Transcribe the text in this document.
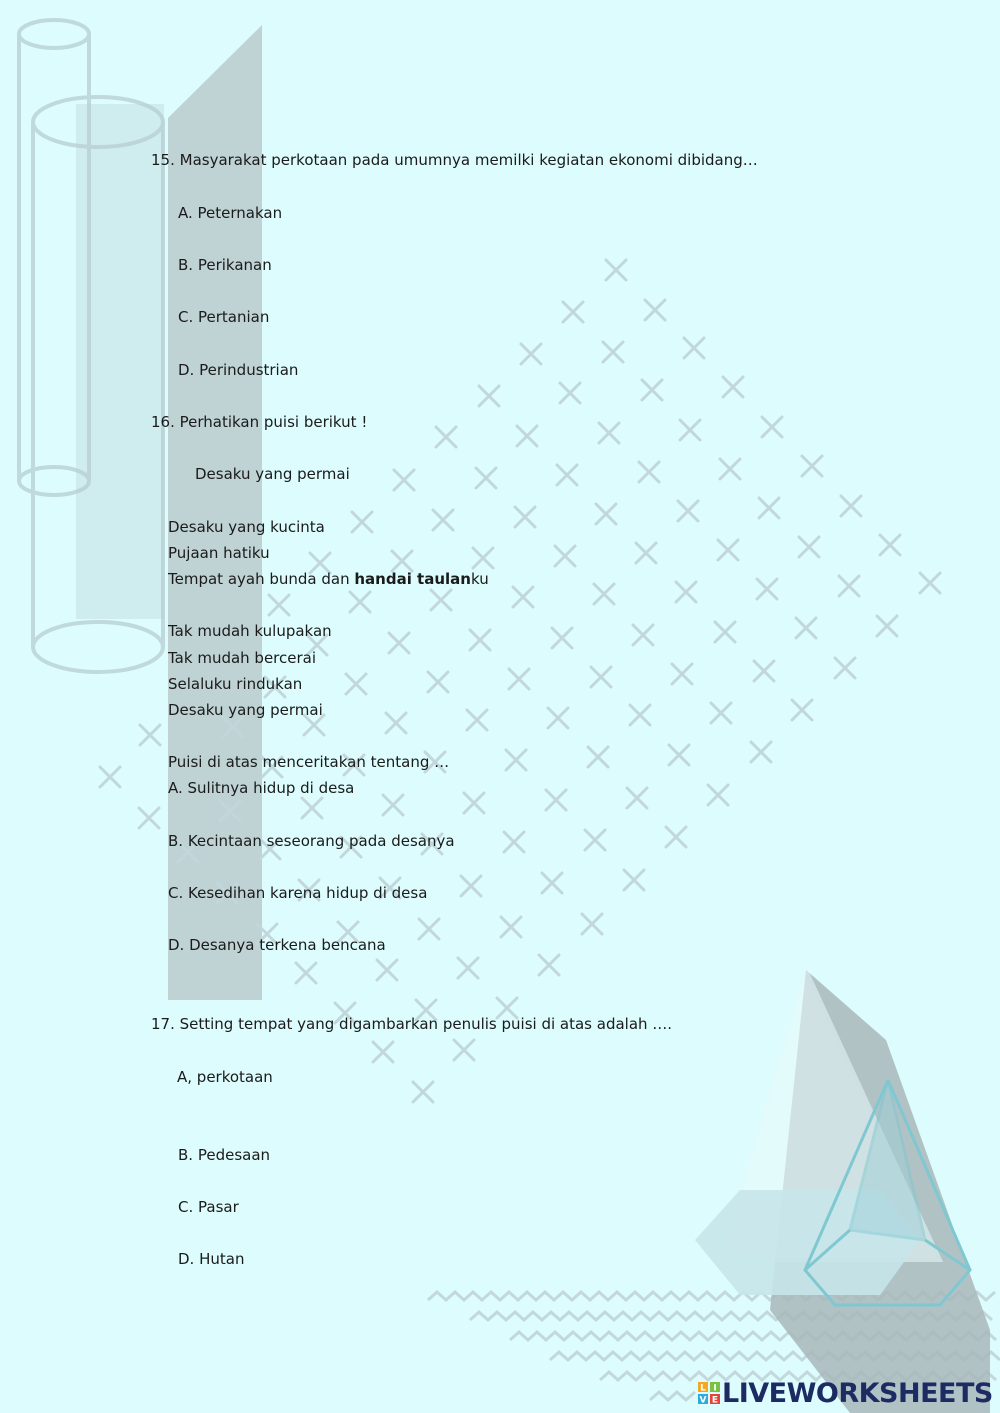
15. Masyarakat perkotaan pada umumnya memilki kegiatan ekonomi dibidang…
A. Peternakan
B. Perikanan
C. Pertanian
D. Perindustrian
16. Perhatikan puisi berikut !
Desaku yang permai
Desaku yang kucinta
Pujaan hatiku
Tempat ayah bunda dan handai taulanku
Tak mudah kulupakan
Tak mudah bercerai
Selaluku rindukan
Desaku yang permai
Puisi di atas menceritakan tentang …
A. Sulitnya hidup di desa
B. Kecintaan seseorang pada desanya
C. Kesedihan karena hidup di desa
D. Desanya terkena bencana
17. Setting tempat yang digambarkan penulis puisi di atas adalah ….
A, perkotaan
B. Pedesaan
C. Pasar
D. Hutan
L I
V E LIVEWORKSHEETS
